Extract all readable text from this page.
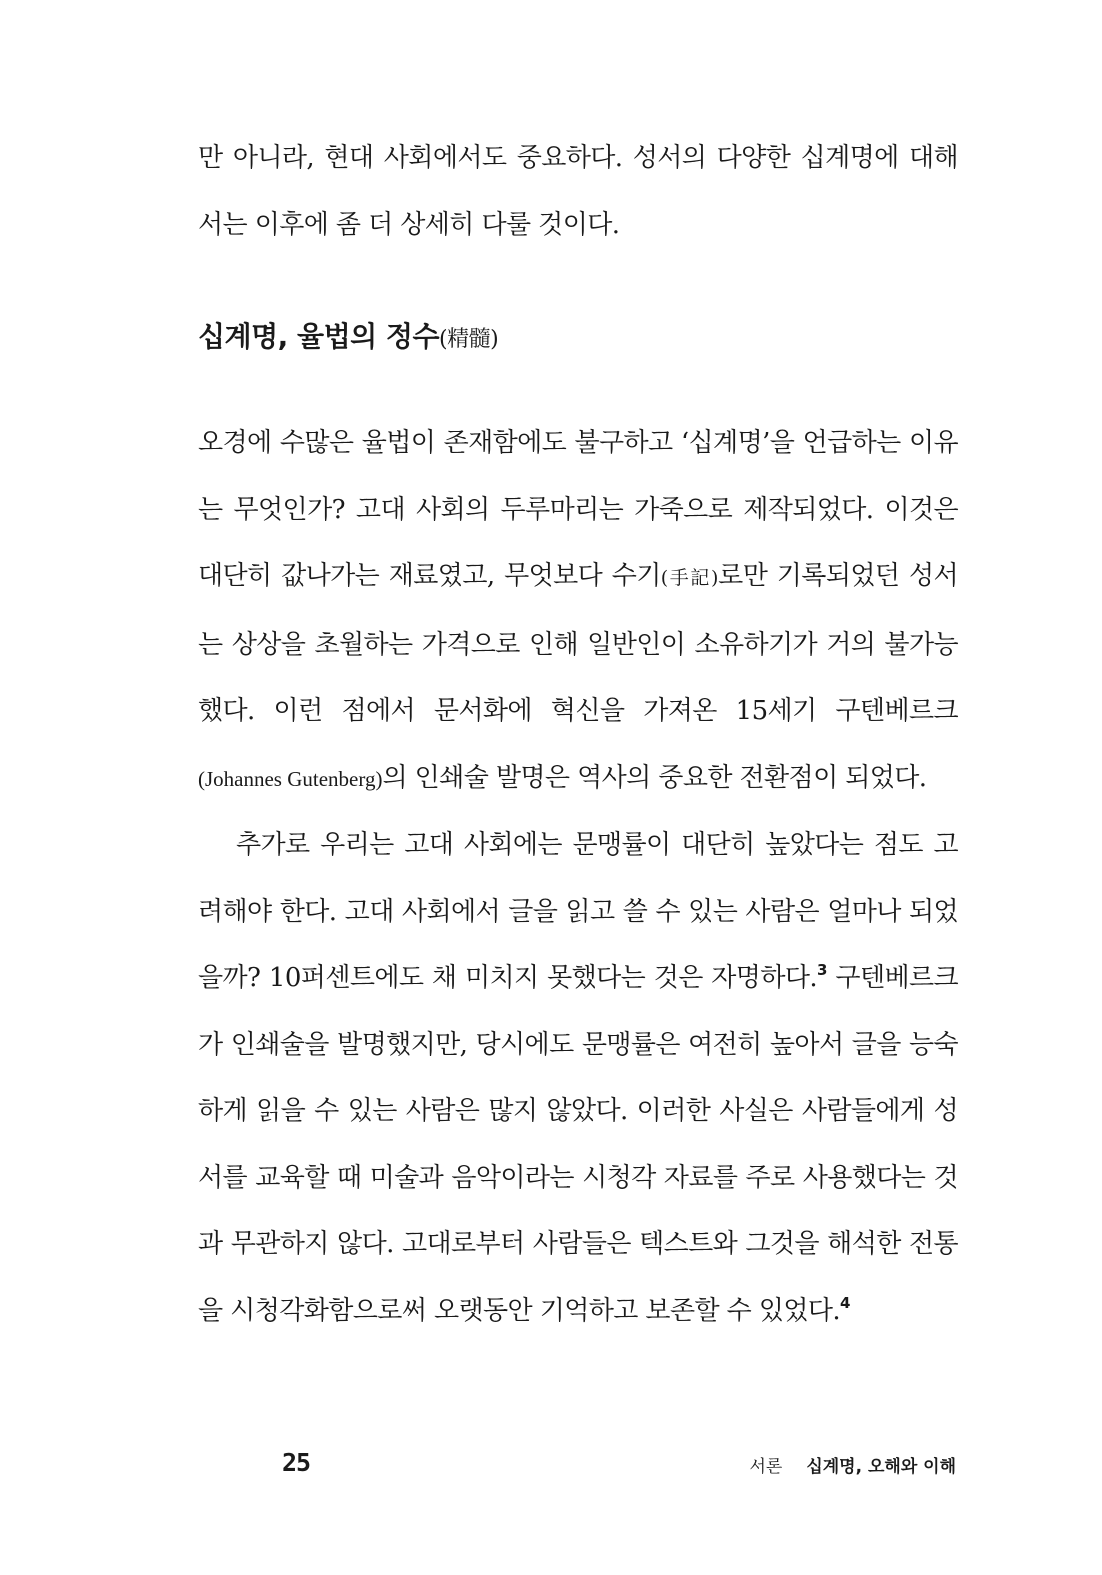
만 아니라, 현대 사회에서도 중요하다. 성서의 다양한 십계명에 대해서는 이후에 좀 더 상세히 다룰 것이다.

십계명, 율법의 정수(精髓)

오경에 수많은 율법이 존재함에도 불구하고 ‘십계명’을 언급하는 이유는 무엇인가? 고대 사회의 두루마리는 가죽으로 제작되었다. 이것은 대단히 값나가는 재료였고, 무엇보다 수기(手記)로만 기록되었던 성서는 상상을 초월하는 가격으로 인해 일반인이 소유하기가 거의 불가능했다. 이런 점에서 문서화에 혁신을 가져온 15세기 구텐베르크(Johannes Gutenberg)의 인쇄술 발명은 역사의 중요한 전환점이 되었다.

추가로 우리는 고대 사회에는 문맹률이 대단히 높았다는 점도 고려해야 한다. 고대 사회에서 글을 읽고 쓸 수 있는 사람은 얼마나 되었을까? 10퍼센트에도 채 미치지 못했다는 것은 자명하다.$^3$ 구텐베르크가 인쇄술을 발명했지만, 당시에도 문맹률은 여전히 높아서 글을 능숙하게 읽을 수 있는 사람은 많지 않았다. 이러한 사실은 사람들에게 성서를 교육할 때 미술과 음악이라는 시청각 자료를 주로 사용했다는 것과 무관하지 않다. 고대로부터 사람들은 텍스트와 그것을 해석한 전통을 시청각화함으로써 오랫동안 기억하고 보존할 수 있었다.$^4$

25	서론 십계명, 오해와 이해
